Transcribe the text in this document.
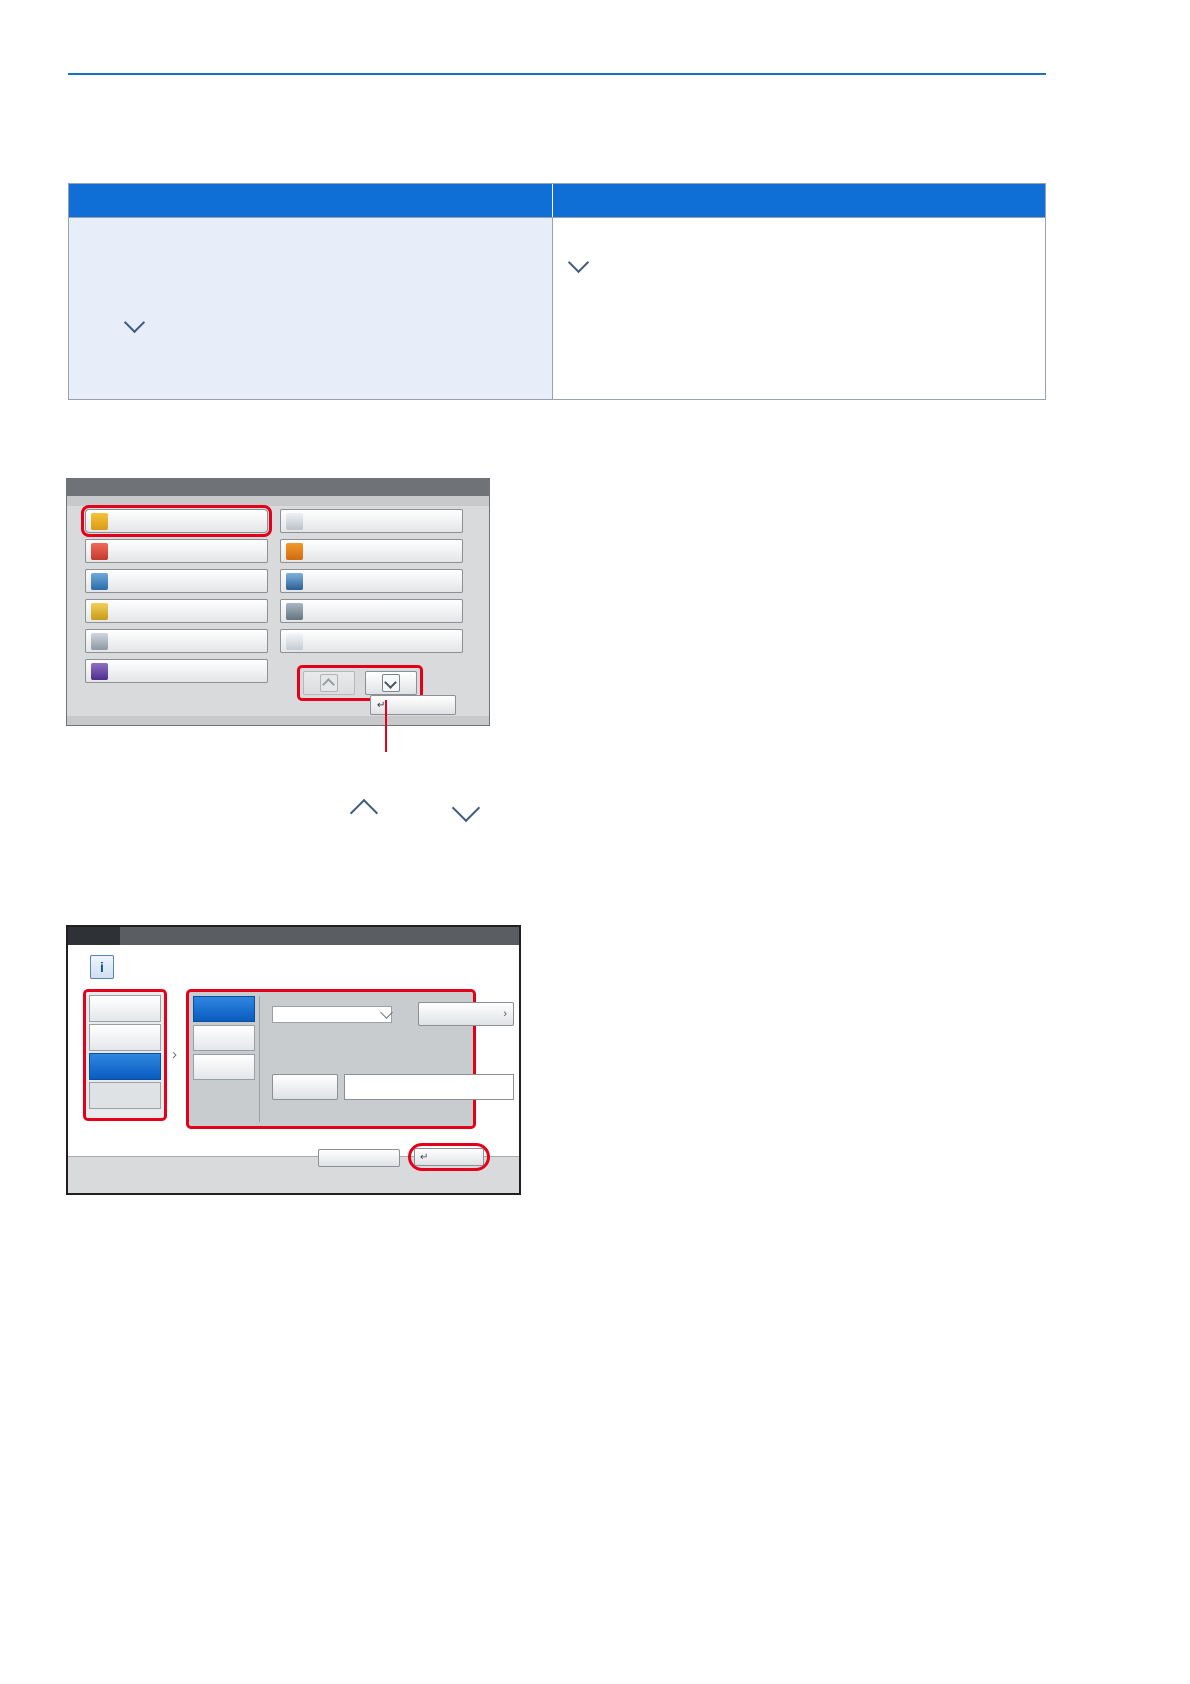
↵
i
›
›
↵
